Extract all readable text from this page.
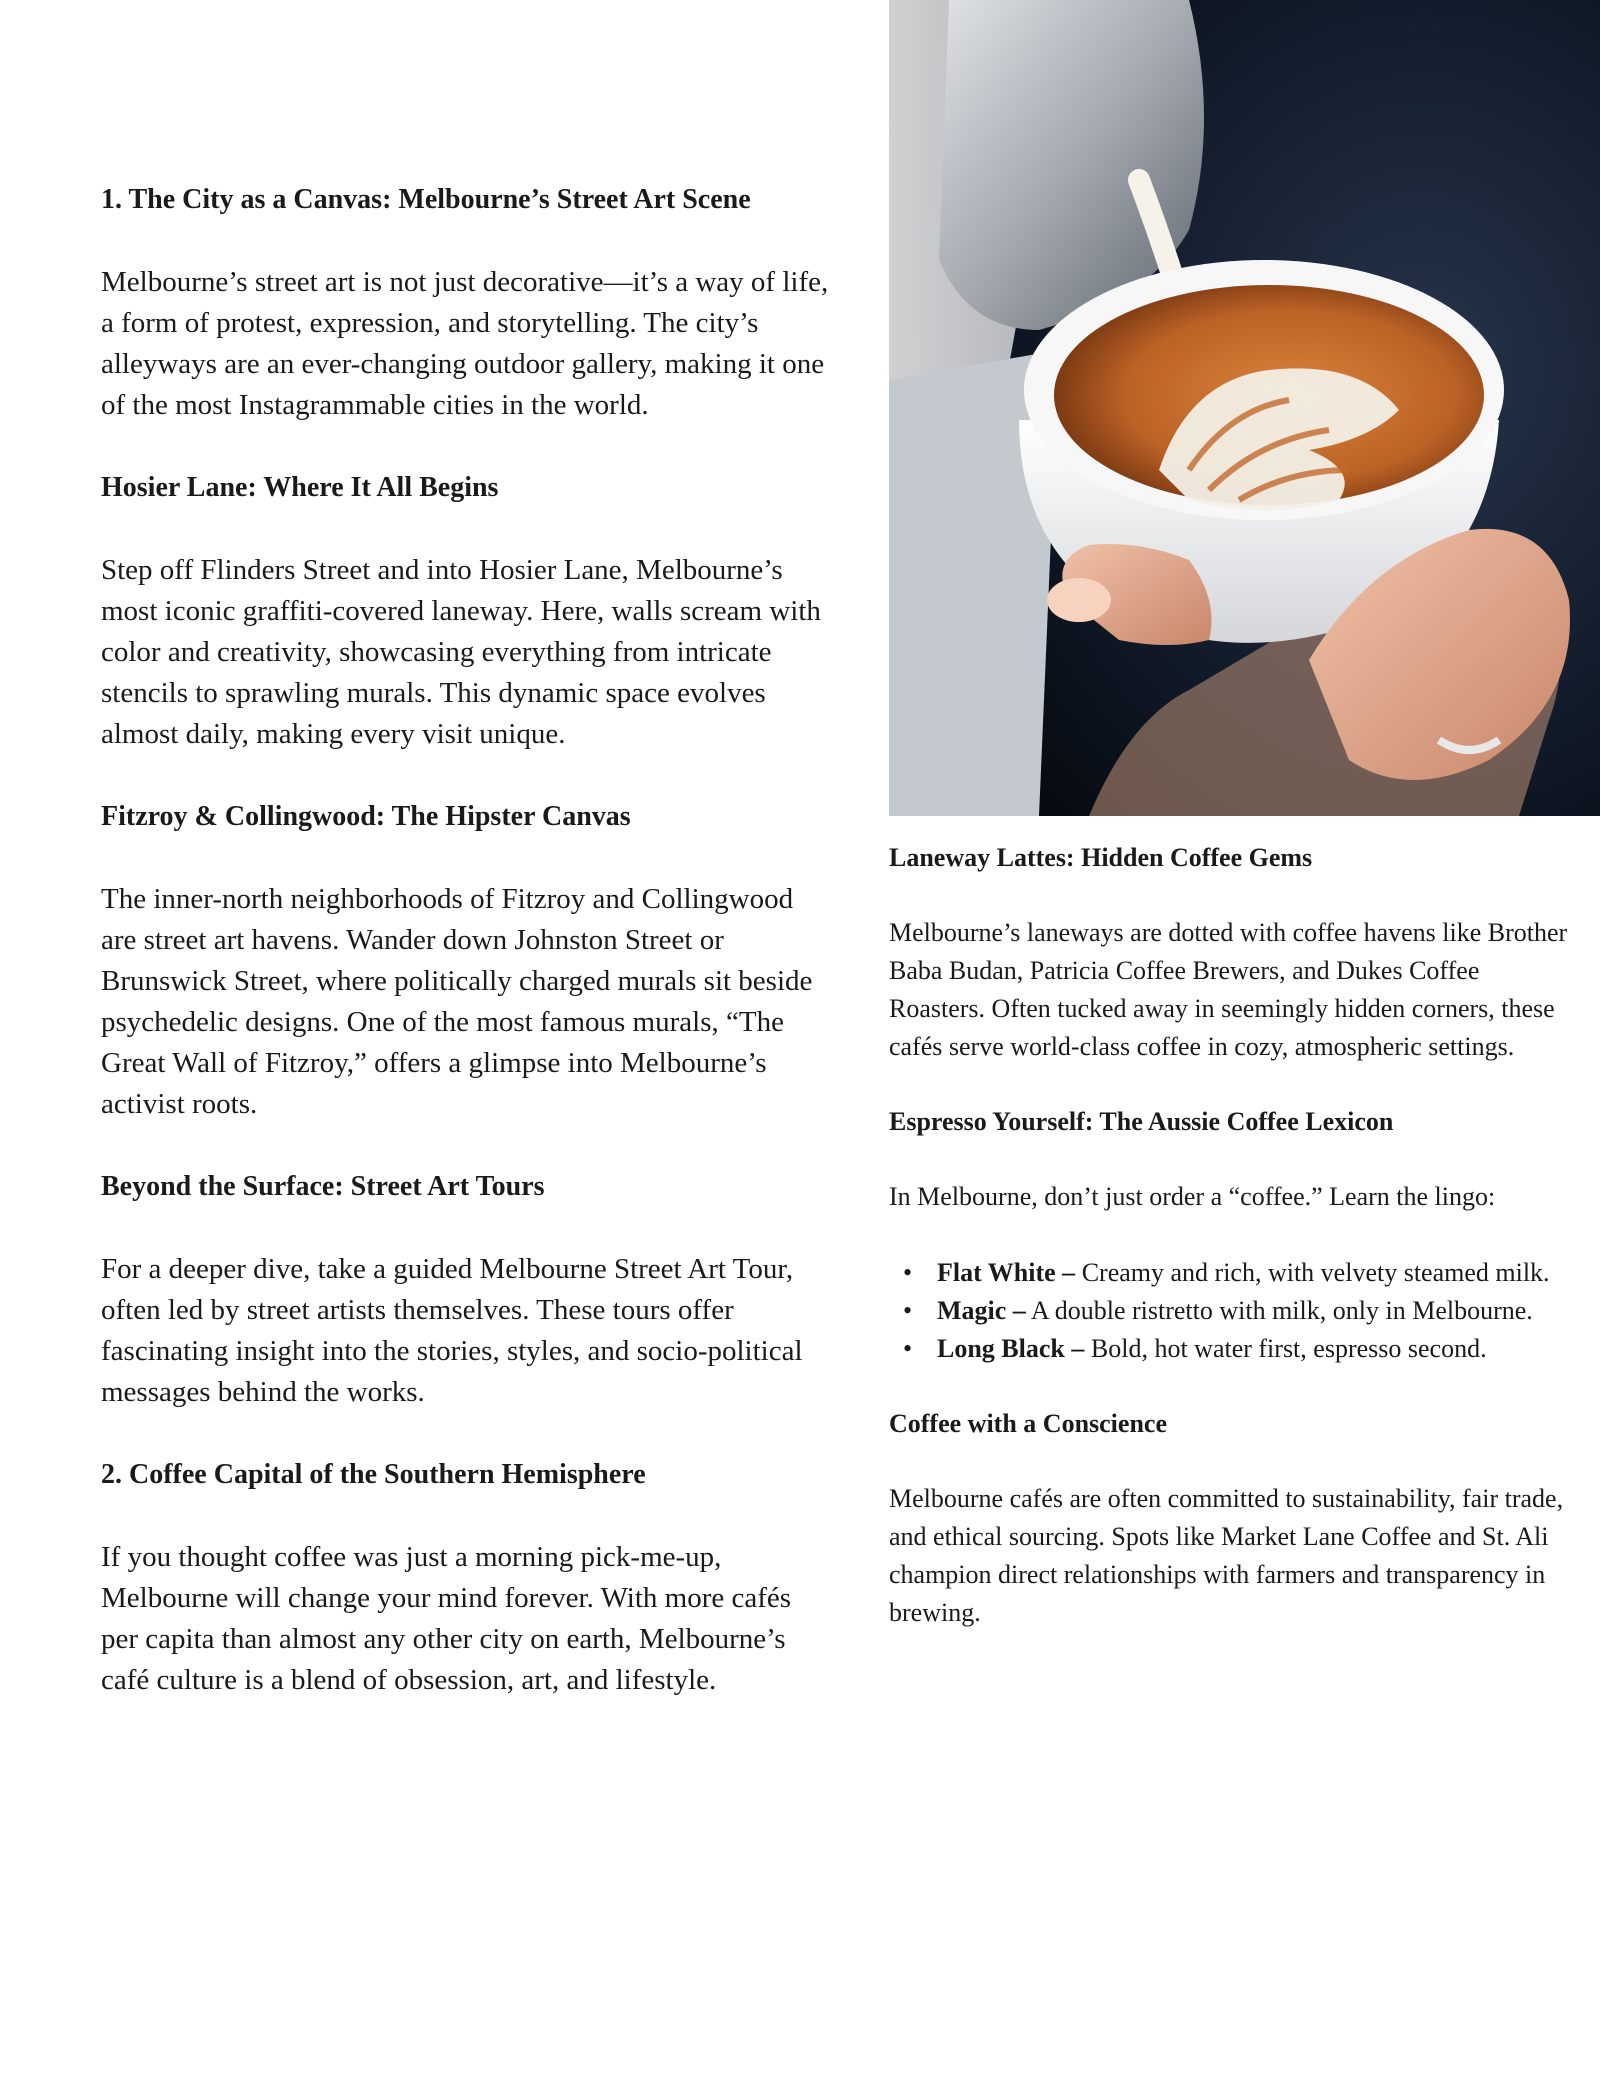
1. The City as a Canvas: Melbourne’s Street Art Scene

Melbourne’s street art is not just decorative—it’s a way of life, a form of protest, expression, and storytelling. The city’s alleyways are an ever-changing outdoor gallery, making it one of the most Instagrammable cities in the world.

Hosier Lane: Where It All Begins

Step off Flinders Street and into Hosier Lane, Melbourne’s most iconic graffiti-covered laneway. Here, walls scream with color and creativity, showcasing everything from intricate stencils to sprawling murals. This dynamic space evolves almost daily, making every visit unique.

Fitzroy & Collingwood: The Hipster Canvas

The inner-north neighborhoods of Fitzroy and Collingwood are street art havens. Wander down Johnston Street or Brunswick Street, where politically charged murals sit beside psychedelic designs. One of the most famous murals, “The Great Wall of Fitzroy,” offers a glimpse into Melbourne’s activist roots.

Beyond the Surface: Street Art Tours

For a deeper dive, take a guided Melbourne Street Art Tour, often led by street artists themselves. These tours offer fascinating insight into the stories, styles, and socio-political messages behind the works.

2. Coffee Capital of the Southern Hemisphere

If you thought coffee was just a morning pick-me-up, Melbourne will change your mind forever. With more cafés per capita than almost any other city on earth, Melbourne’s café culture is a blend of obsession, art, and lifestyle.

Laneway Lattes: Hidden Coffee Gems

Melbourne’s laneways are dotted with coffee havens like Brother Baba Budan, Patricia Coffee Brewers, and Dukes Coffee Roasters. Often tucked away in seemingly hidden corners, these cafés serve world-class coffee in cozy, atmospheric settings.

Espresso Yourself: The Aussie Coffee Lexicon

In Melbourne, don’t just order a “coffee.” Learn the lingo:

• Flat White – Creamy and rich, with velvety steamed milk.
• Magic – A double ristretto with milk, only in Melbourne.
• Long Black – Bold, hot water first, espresso second.
Coffee with a Conscience

Melbourne cafés are often committed to sustainability, fair trade, and ethical sourcing. Spots like Market Lane Coffee and St. Ali champion direct relationships with farmers and transparency in brewing.
